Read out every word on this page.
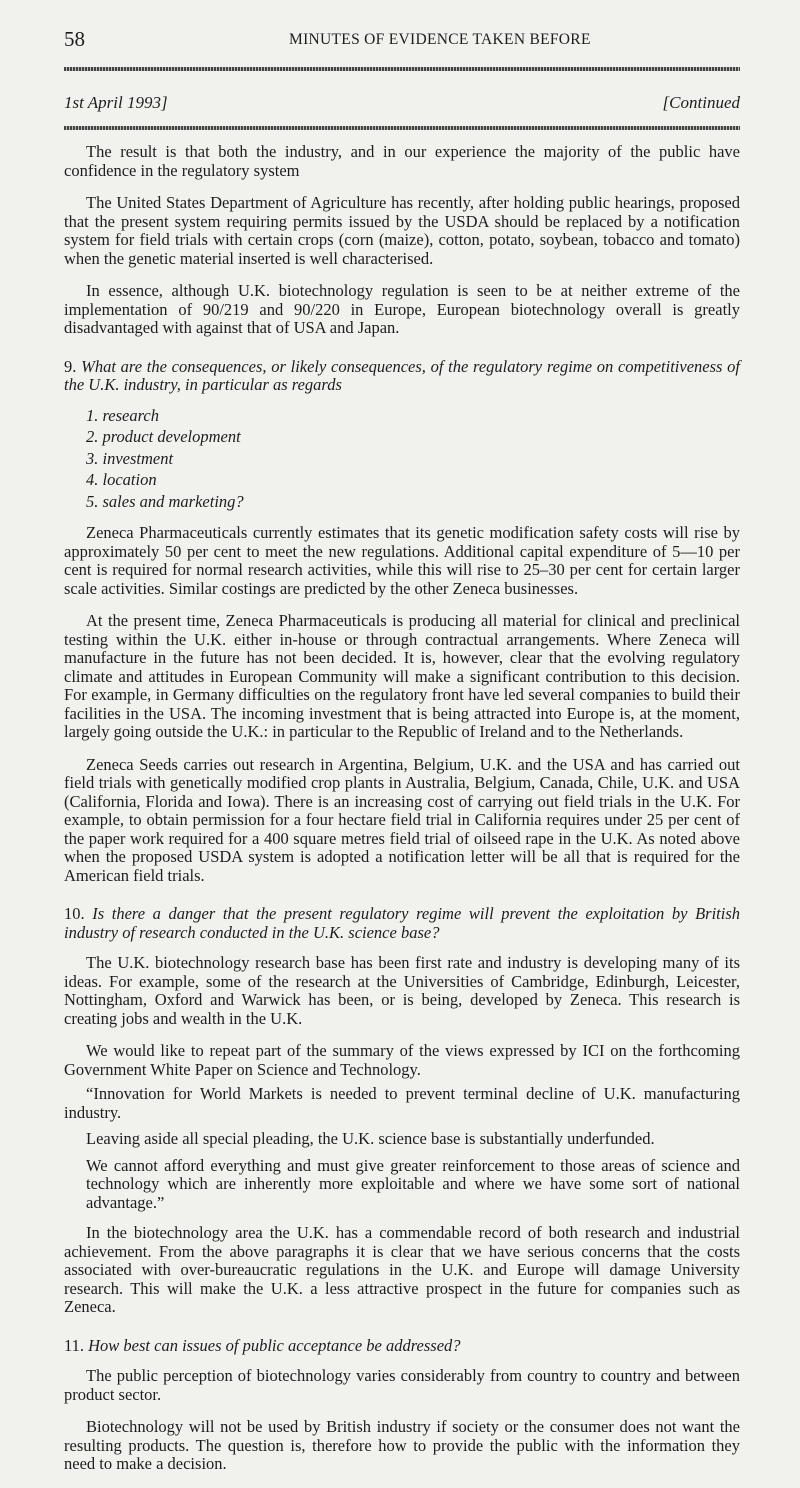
58	MINUTES OF EVIDENCE TAKEN BEFORE
1st April 1993]	[Continued

The result is that both the industry, and in our experience the majority of the public have confidence in the regulatory system

The United States Department of Agriculture has recently, after holding public hearings, proposed that the present system requiring permits issued by the USDA should be replaced by a notification system for field trials with certain crops (corn (maize), cotton, potato, soybean, tobacco and tomato) when the genetic material inserted is well characterised.

In essence, although U.K. biotechnology regulation is seen to be at neither extreme of the implementation of 90/219 and 90/220 in Europe, European biotechnology overall is greatly disadvantaged with against that of USA and Japan.

9. What are the consequences, or likely consequences, of the regulatory regime on competitiveness of the U.K. industry, in particular as regards

1. research
2. product development
3. investment
4. location
5. sales and marketing?

Zeneca Pharmaceuticals currently estimates that its genetic modification safety costs will rise by approximately 50 per cent to meet the new regulations. Additional capital expenditure of 5—10 per cent is required for normal research activities, while this will rise to 25–30 per cent for certain larger scale activities. Similar costings are predicted by the other Zeneca businesses.

At the present time, Zeneca Pharmaceuticals is producing all material for clinical and preclinical testing within the U.K. either in-house or through contractual arrangements. Where Zeneca will manufacture in the future has not been decided. It is, however, clear that the evolving regulatory climate and attitudes in European Community will make a significant contribution to this decision. For example, in Germany difficulties on the regulatory front have led several companies to build their facilities in the USA. The incoming investment that is being attracted into Europe is, at the moment, largely going outside the U.K.: in particular to the Republic of Ireland and to the Netherlands.

Zeneca Seeds carries out research in Argentina, Belgium, U.K. and the USA and has carried out field trials with genetically modified crop plants in Australia, Belgium, Canada, Chile, U.K. and USA (California, Florida and Iowa). There is an increasing cost of carrying out field trials in the U.K. For example, to obtain permission for a four hectare field trial in California requires under 25 per cent of the paper work required for a 400 square metres field trial of oilseed rape in the U.K. As noted above when the proposed USDA system is adopted a notification letter will be all that is required for the American field trials.

10. Is there a danger that the present regulatory regime will prevent the exploitation by British industry of research conducted in the U.K. science base?

The U.K. biotechnology research base has been first rate and industry is developing many of its ideas. For example, some of the research at the Universities of Cambridge, Edinburgh, Leicester, Nottingham, Oxford and Warwick has been, or is being, developed by Zeneca. This research is creating jobs and wealth in the U.K.

We would like to repeat part of the summary of the views expressed by ICI on the forthcoming Government White Paper on Science and Technology.

“Innovation for World Markets is needed to prevent terminal decline of U.K. manufacturing industry.

Leaving aside all special pleading, the U.K. science base is substantially underfunded.

We cannot afford everything and must give greater reinforcement to those areas of science and technology which are inherently more exploitable and where we have some sort of national advantage.”

In the biotechnology area the U.K. has a commendable record of both research and industrial achievement. From the above paragraphs it is clear that we have serious concerns that the costs associated with over-bureaucratic regulations in the U.K. and Europe will damage University research. This will make the U.K. a less attractive prospect in the future for companies such as Zeneca.

11. How best can issues of public acceptance be addressed?

The public perception of biotechnology varies considerably from country to country and between product sector.

Biotechnology will not be used by British industry if society or the consumer does not want the resulting products. The question is, therefore how to provide the public with the information they need to make a decision.
